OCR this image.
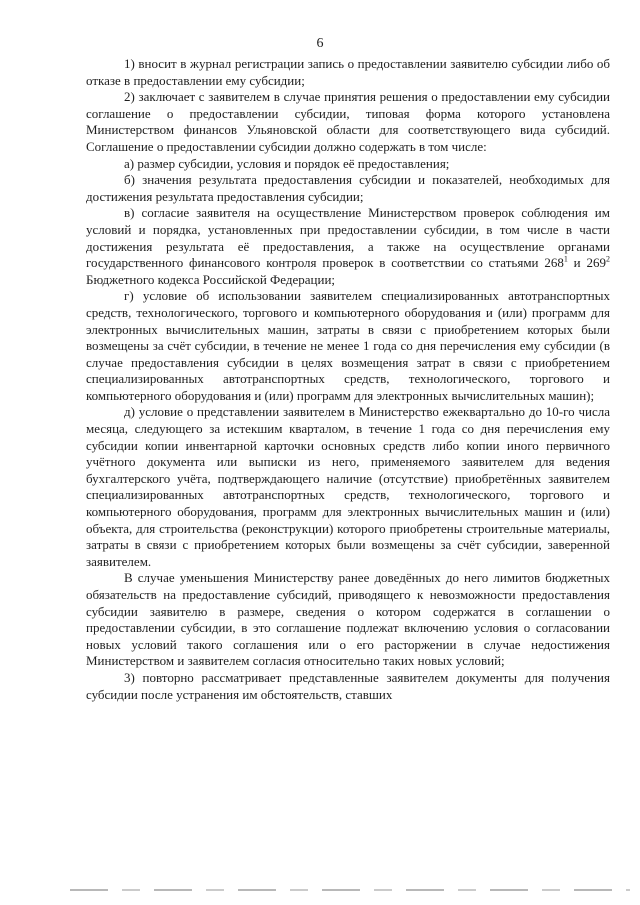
6

1) вносит в журнал регистрации запись о предоставлении заявителю субсидии либо об отказе в предоставлении ему субсидии;

2) заключает с заявителем в случае принятия решения о предоставлении ему субсидии соглашение о предоставлении субсидии, типовая форма которого установлена Министерством финансов Ульяновской области для соответствующего вида субсидий. Соглашение о предоставлении субсидии должно содержать в том числе:

а) размер субсидии, условия и порядок её предоставления;

б) значения результата предоставления субсидии и показателей, необходимых для достижения результата предоставления субсидии;

в) согласие заявителя на осуществление Министерством проверок соблюдения им условий и порядка, установленных при предоставлении субсидии, в том числе в части достижения результата её предоставления, а также на осуществление органами государственного финансового контроля проверок в соответствии со статьями $268^1$ и $269^2$ Бюджетного кодекса Российской Федерации;

г) условие об использовании заявителем специализированных автотранспортных средств, технологического, торгового и компьютерного оборудования и (или) программ для электронных вычислительных машин, затраты в связи с приобретением которых были возмещены за счёт субсидии, в течение не менее 1 года со дня перечисления ему субсидии (в случае предоставления субсидии в целях возмещения затрат в связи с приобретением специализированных автотранспортных средств, технологического, торгового и компьютерного оборудования и (или) программ для электронных вычислительных машин);

д) условие о представлении заявителем в Министерство ежеквартально до 10-го числа месяца, следующего за истекшим кварталом, в течение 1 года со дня перечисления ему субсидии копии инвентарной карточки основных средств либо копии иного первичного учётного документа или выписки из него, применяемого заявителем для ведения бухгалтерского учёта, подтверждающего наличие (отсутствие) приобретённых заявителем специализированных автотранспортных средств, технологического, торгового и компьютерного оборудования, программ для электронных вычислительных машин и (или) объекта, для строительства (реконструкции) которого приобретены строительные материалы, затраты в связи с приобретением которых были возмещены за счёт субсидии, заверенной заявителем.

В случае уменьшения Министерству ранее доведённых до него лимитов бюджетных обязательств на предоставление субсидий, приводящего к невозможности предоставления субсидии заявителю в размере, сведения о котором содержатся в соглашении о предоставлении субсидии, в это соглашение подлежат включению условия о согласовании новых условий такого соглашения или о его расторжении в случае недостижения Министерством и заявителем согласия относительно таких новых условий;

3) повторно рассматривает представленные заявителем документы для получения субсидии после устранения им обстоятельств, ставших
